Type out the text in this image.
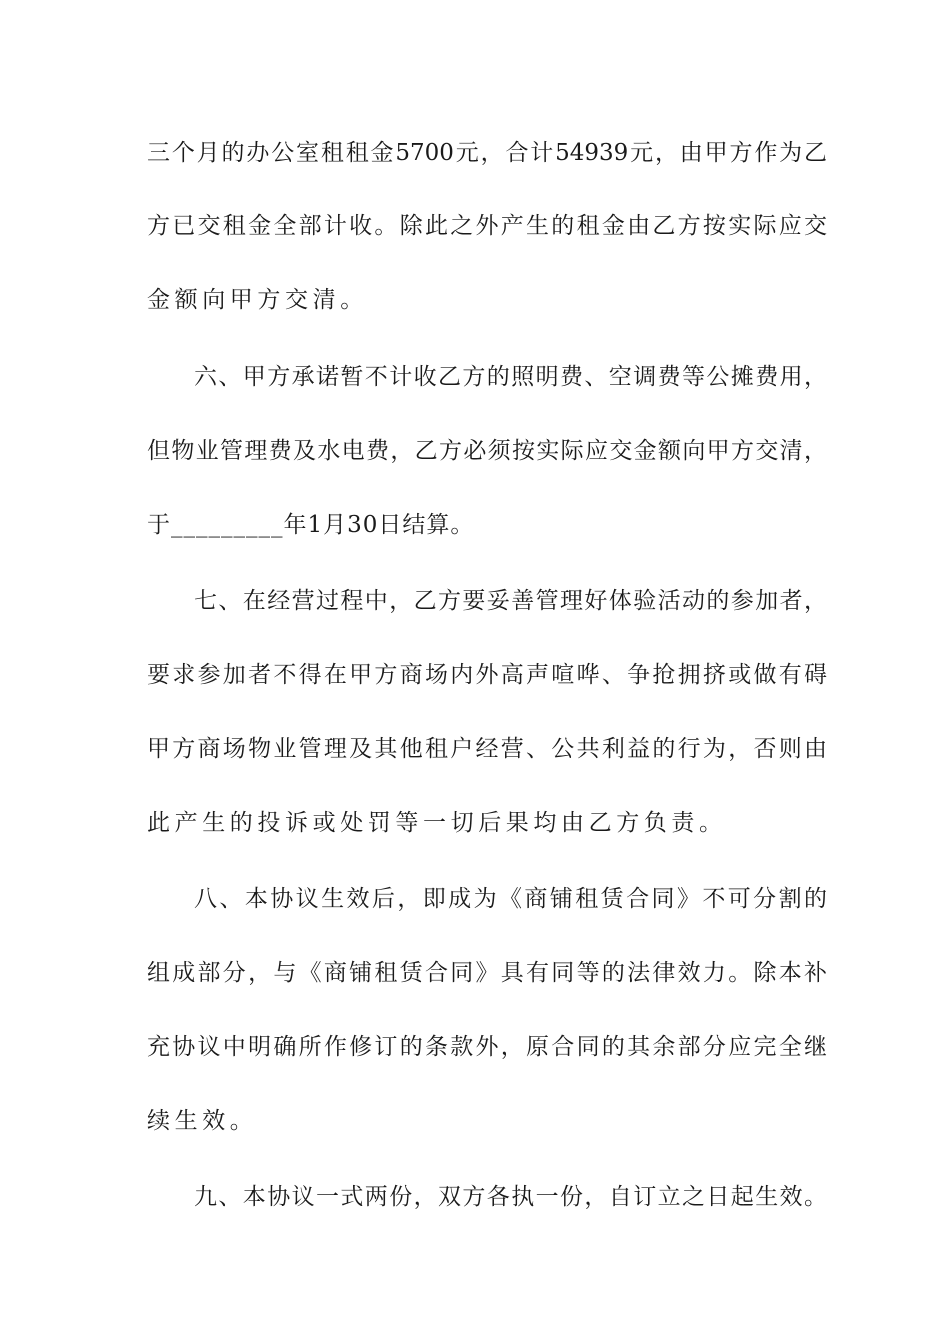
三个月的办公室租租金5700元，合计54939元，由甲方作为乙
方已交租金全部计收。除此之外产生的租金由乙方按实际应交
金额向甲方交清。
六、甲方承诺暂不计收乙方的照明费、空调费等公摊费用，
但物业管理费及水电费，乙方必须按实际应交金额向甲方交清，
于_________年1月30日结算。
七、在经营过程中，乙方要妥善管理好体验活动的参加者，
要求参加者不得在甲方商场内外高声喧哗、争抢拥挤或做有碍
甲方商场物业管理及其他租户经营、公共利益的行为，否则由
此产生的投诉或处罚等一切后果均由乙方负责。
八、本协议生效后，即成为《商铺租赁合同》不可分割的
组成部分，与《商铺租赁合同》具有同等的法律效力。除本补
充协议中明确所作修订的条款外，原合同的其余部分应完全继
续生效。
九、本协议一式两份，双方各执一份，自订立之日起生效。
